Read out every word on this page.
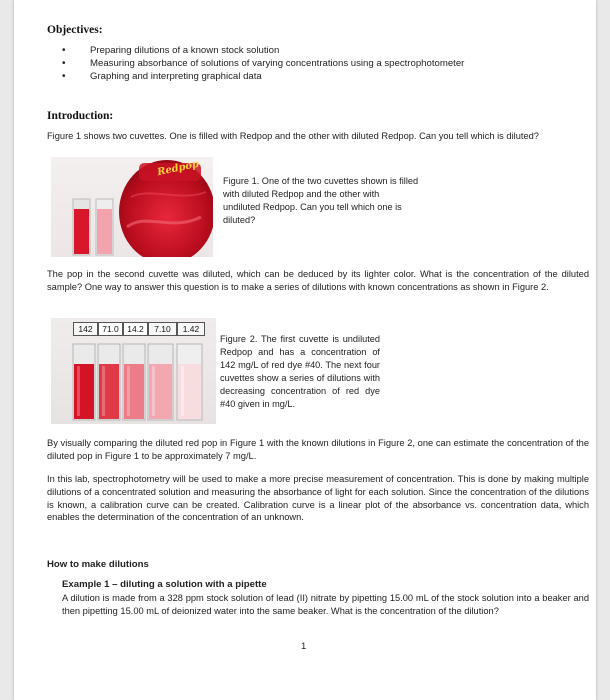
Objectives:
• Preparing dilutions of a known stock solution
• Measuring absorbance of solutions of varying concentrations using a spectrophotometer
• Graphing and interpreting graphical data
Introduction:

Figure 1 shows two cuvettes. One is filled with Redpop and the other with diluted Redpop. Can you tell which is diluted?

Redpop

Figure 1. One of the two cuvettes shown is filled with diluted Redpop and the other with undiluted Redpop. Can you tell which one is diluted?

The pop in the second cuvette was diluted, which can be deduced by its lighter color. What is the concentration of the diluted sample? One way to answer this question is to make a series of dilutions with known concentrations as shown in Figure 2.

142	71.0 14.2	7.10	1.42

Figure 2. The first cuvette is undiluted Redpop and has a concentration of 142 mg/L of red dye #40. The next four cuvettes show a series of dilutions with decreasing concentration of red dye #40 given in mg/L.

By visually comparing the diluted red pop in Figure 1 with the known dilutions in Figure 2, one can estimate the concentration of the diluted pop in Figure 1 to be approximately 7 mg/L.

In this lab, spectrophotometry will be used to make a more precise measurement of concentration. This is done by making multiple dilutions of a concentrated solution and measuring the absorbance of light for each solution. Since the concentration of the dilutions is known, a calibration curve can be created. Calibration curve is a linear plot of the absorbance vs. concentration data, which enables the determination of the concentration of an unknown.

How to make dilutions

Example 1 – diluting a solution with a pipette

A dilution is made from a 328 ppm stock solution of lead (II) nitrate by pipetting 15.00 mL of the stock solution into a beaker and then pipetting 15.00 mL of deionized water into the same beaker. What is the concentration of the dilution?

1
